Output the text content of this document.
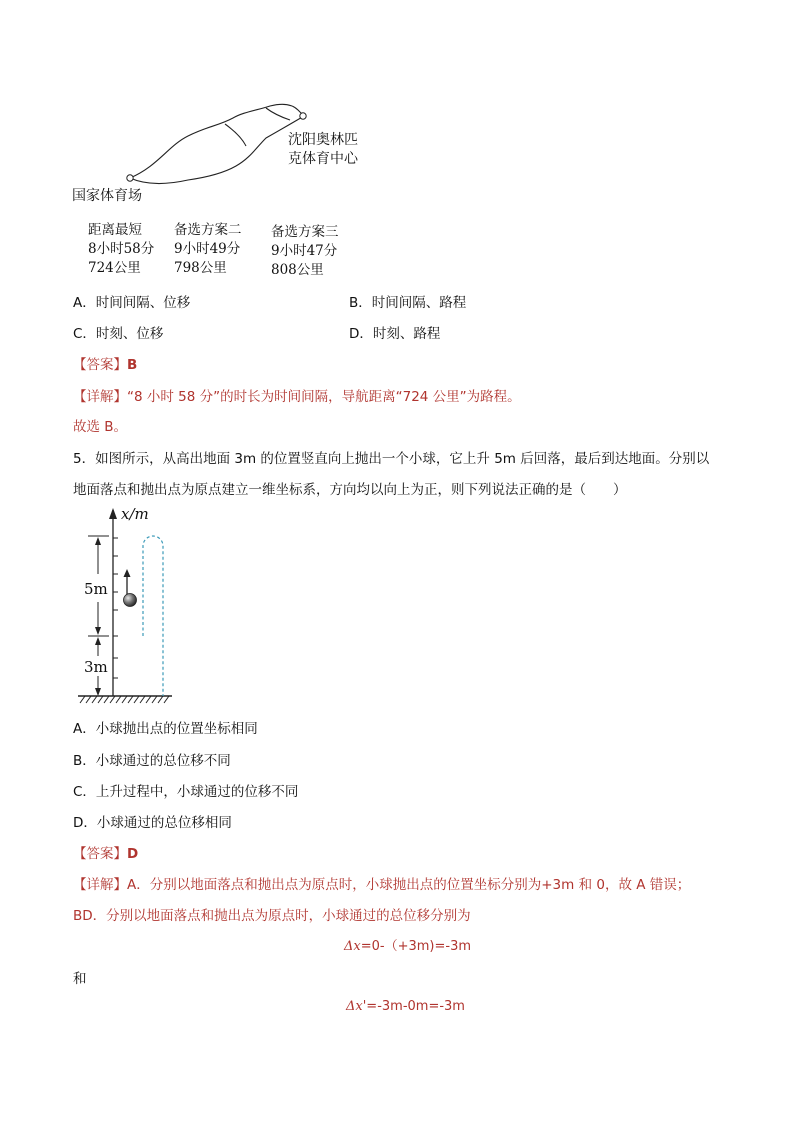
沈阳奥林匹
克体育中心
国家体育场
距离最短
8小时58分
724公里
备选方案二
9小时49分
798公里
备选方案三
9小时47分
808公里
A．时间间隔、位移	B．时间间隔、路程
C．时刻、位移	D．时刻、路程
【答案】B
【详解】“8 小时 58 分”的时长为时间间隔，导航距离“724 公里”为路程。
故选 B。
5．如图所示，从高出地面 3m 的位置竖直向上抛出一个小球，它上升 5m 后回落，最后到达地面。分别以
地面落点和抛出点为原点建立一维坐标系，方向均以向上为正，则下列说法正确的是（　　）
x/m
5m
3m
A．小球抛出点的位置坐标相同
B．小球通过的总位移不同
C．上升过程中，小球通过的位移不同
D．小球通过的总位移相同
【答案】D
【详解】A．分别以地面落点和抛出点为原点时，小球抛出点的位置坐标分别为+3m 和 0，故 A 错误；
BD．分别以地面落点和抛出点为原点时，小球通过的总位移分别为
Δx=0-（+3m)=-3m
和
Δx'=-3m-0m=-3m
